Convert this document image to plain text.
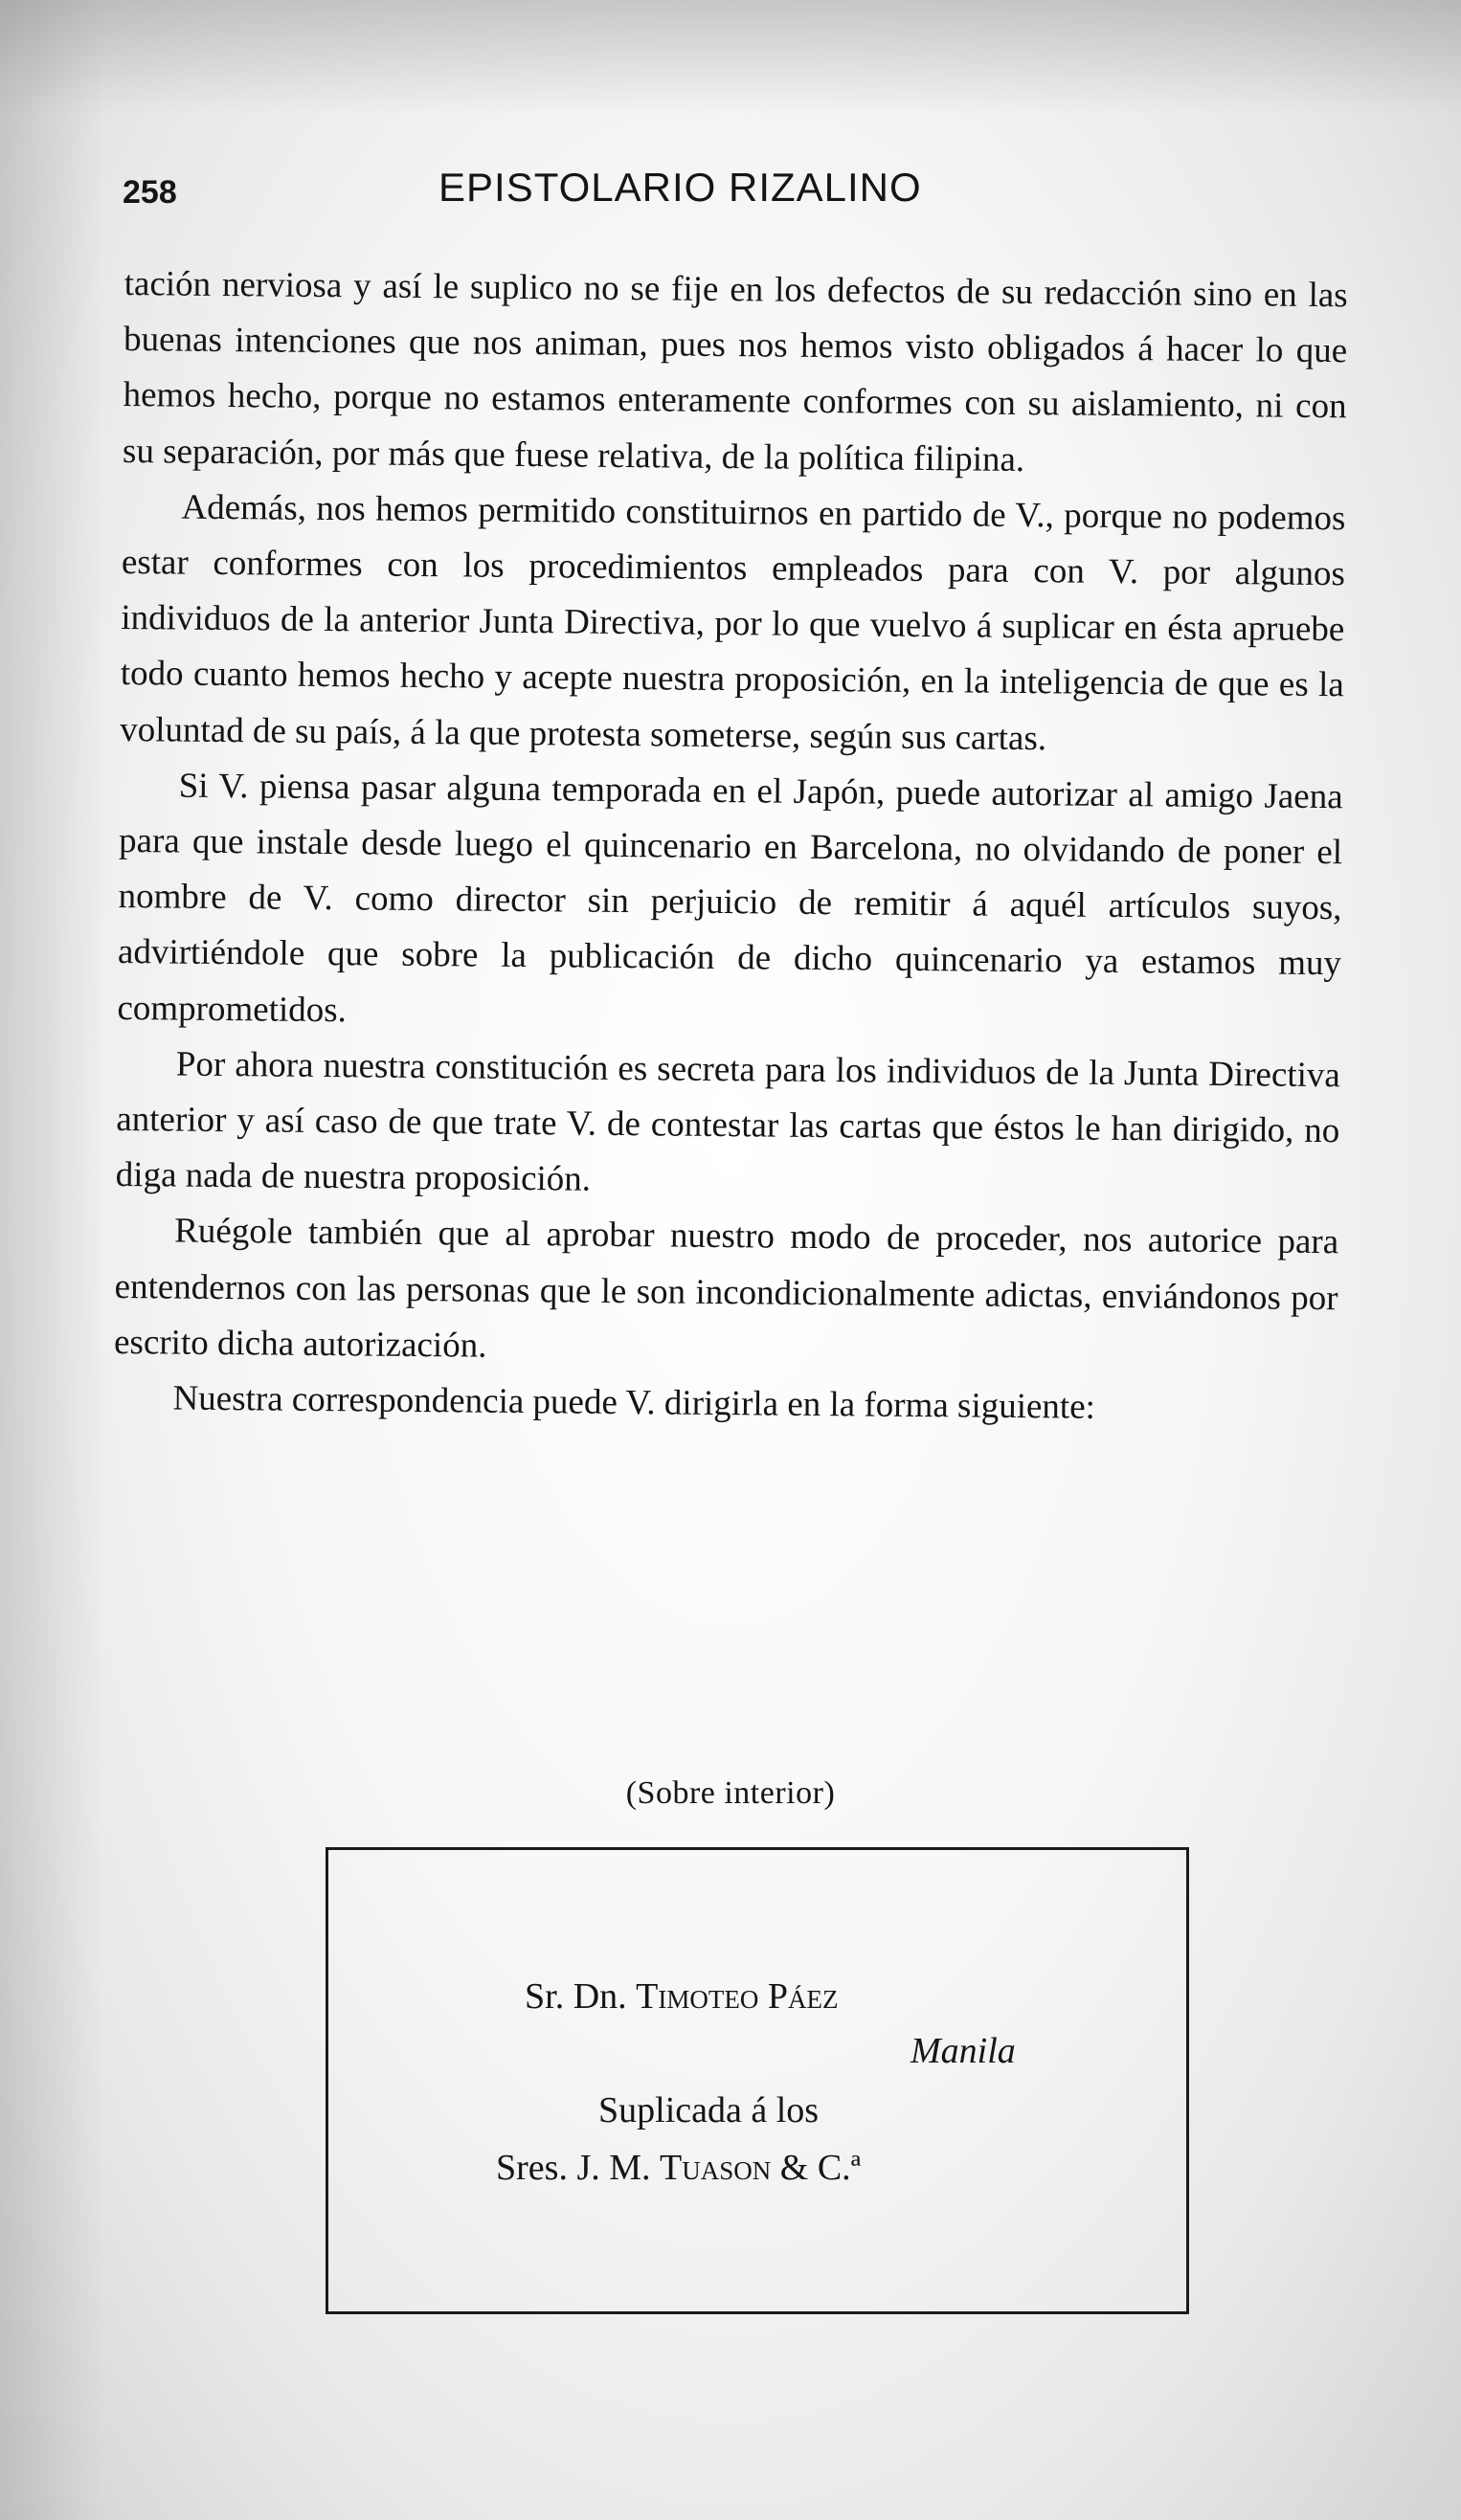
258	EPISTOLARIO RIZALINO

tación nerviosa y así le suplico no se fije en los defectos de su redacción sino en las buenas intenciones que nos animan, pues nos hemos visto obligados á hacer lo que hemos hecho, porque no estamos enteramente conformes con su aislamiento, ni con su separación, por más que fuese relativa, de la política filipina.

Además, nos hemos permitido constituirnos en partido de V., porque no podemos estar conformes con los procedimientos empleados para con V. por algunos individuos de la anterior Junta Directiva, por lo que vuelvo á suplicar en ésta apruebe todo cuanto hemos hecho y acepte nuestra proposición, en la inteligencia de que es la voluntad de su país, á la que protesta someterse, según sus cartas.

Si V. piensa pasar alguna temporada en el Japón, puede autorizar al amigo Jaena para que instale desde luego el quincenario en Barcelona, no olvidando de poner el nombre de V. como director sin perjuicio de remitir á aquél artículos suyos, advirtiéndole que sobre la publicación de dicho quincenario ya estamos muy comprometidos.

Por ahora nuestra constitución es secreta para los individuos de la Junta Directiva anterior y así caso de que trate V. de contestar las cartas que éstos le han dirigido, no diga nada de nuestra proposición.

Ruégole también que al aprobar nuestro modo de proceder, nos autorice para entendernos con las personas que le son incondicionalmente adictas, enviándonos por escrito dicha autorización.

Nuestra correspondencia puede V. dirigirla en la forma siguiente:

(Sobre interior)
Sr. Dn. Timoteo Páez
Manila
Suplicada á los
Sres. J. M. Tuason & C.ª
